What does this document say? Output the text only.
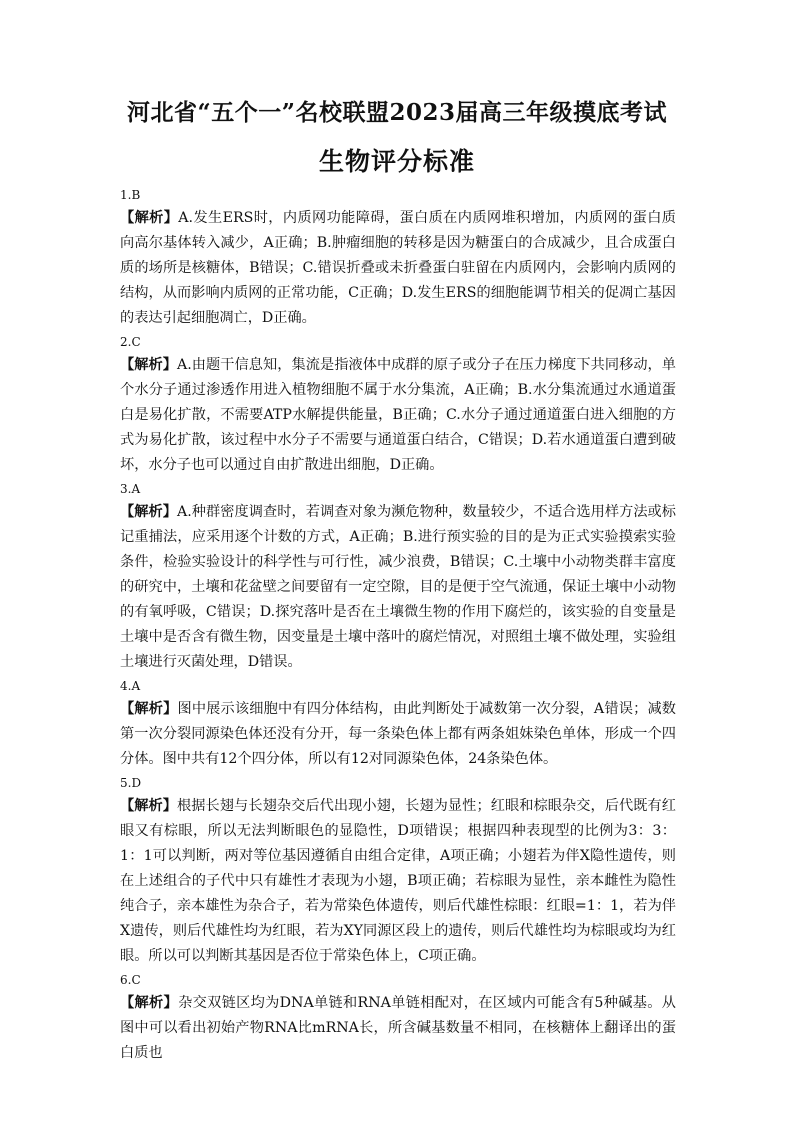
河北省“五个一”名校联盟2023届高三年级摸底考试
生物评分标准

1.B

【解析】A.发生ERS时，内质网功能障碍，蛋白质在内质网堆积增加，内质网的蛋白质向高尔基体转入减少，A正确；B.肿瘤细胞的转移是因为糖蛋白的合成减少，且合成蛋白质的场所是核糖体，B错误；C.错误折叠或未折叠蛋白驻留在内质网内，会影响内质网的结构，从而影响内质网的正常功能，C正确；D.发生ERS的细胞能调节相关的促凋亡基因的表达引起细胞凋亡，D正确。

2.C

【解析】A.由题干信息知，集流是指液体中成群的原子或分子在压力梯度下共同移动，单个水分子通过渗透作用进入植物细胞不属于水分集流，A正确；B.水分集流通过水通道蛋白是易化扩散，不需要ATP水解提供能量，B正确；C.水分子通过通道蛋白进入细胞的方式为易化扩散，该过程中水分子不需要与通道蛋白结合，C错误；D.若水通道蛋白遭到破坏，水分子也可以通过自由扩散进出细胞，D正确。

3.A

【解析】A.种群密度调查时，若调查对象为濒危物种，数量较少，不适合选用样方法或标记重捕法，应采用逐个计数的方式，A正确；B.进行预实验的目的是为正式实验摸索实验条件，检验实验设计的科学性与可行性，减少浪费，B错误；C.土壤中小动物类群丰富度的研究中，土壤和花盆壁之间要留有一定空隙，目的是便于空气流通，保证土壤中小动物的有氧呼吸，C错误；D.探究落叶是否在土壤微生物的作用下腐烂的，该实验的自变量是土壤中是否含有微生物，因变量是土壤中落叶的腐烂情况，对照组土壤不做处理，实验组土壤进行灭菌处理，D错误。

4.A

【解析】图中展示该细胞中有四分体结构，由此判断处于减数第一次分裂，A错误；减数第一次分裂同源染色体还没有分开，每一条染色体上都有两条姐妹染色单体，形成一个四分体。图中共有12个四分体，所以有12对同源染色体，24条染色体。

5.D

【解析】根据长翅与长翅杂交后代出现小翅，长翅为显性；红眼和棕眼杂交，后代既有红眼又有棕眼，所以无法判断眼色的显隐性，D项错误；根据四种表现型的比例为3：3：1：1可以判断，两对等位基因遵循自由组合定律，A项正确；小翅若为伴X隐性遗传，则在上述组合的子代中只有雄性才表现为小翅，B项正确；若棕眼为显性，亲本雌性为隐性纯合子，亲本雄性为杂合子，若为常染色体遗传，则后代雄性棕眼：红眼=1：1，若为伴X遗传，则后代雄性均为红眼，若为XY同源区段上的遗传，则后代雄性均为棕眼或均为红眼。所以可以判断其基因是否位于常染色体上，C项正确。

6.C

【解析】杂交双链区均为DNA单链和RNA单链相配对，在区域内可能含有5种碱基。从图中可以看出初始产物RNA比mRNA长，所含碱基数量不相同，在核糖体上翻译出的蛋白质也
